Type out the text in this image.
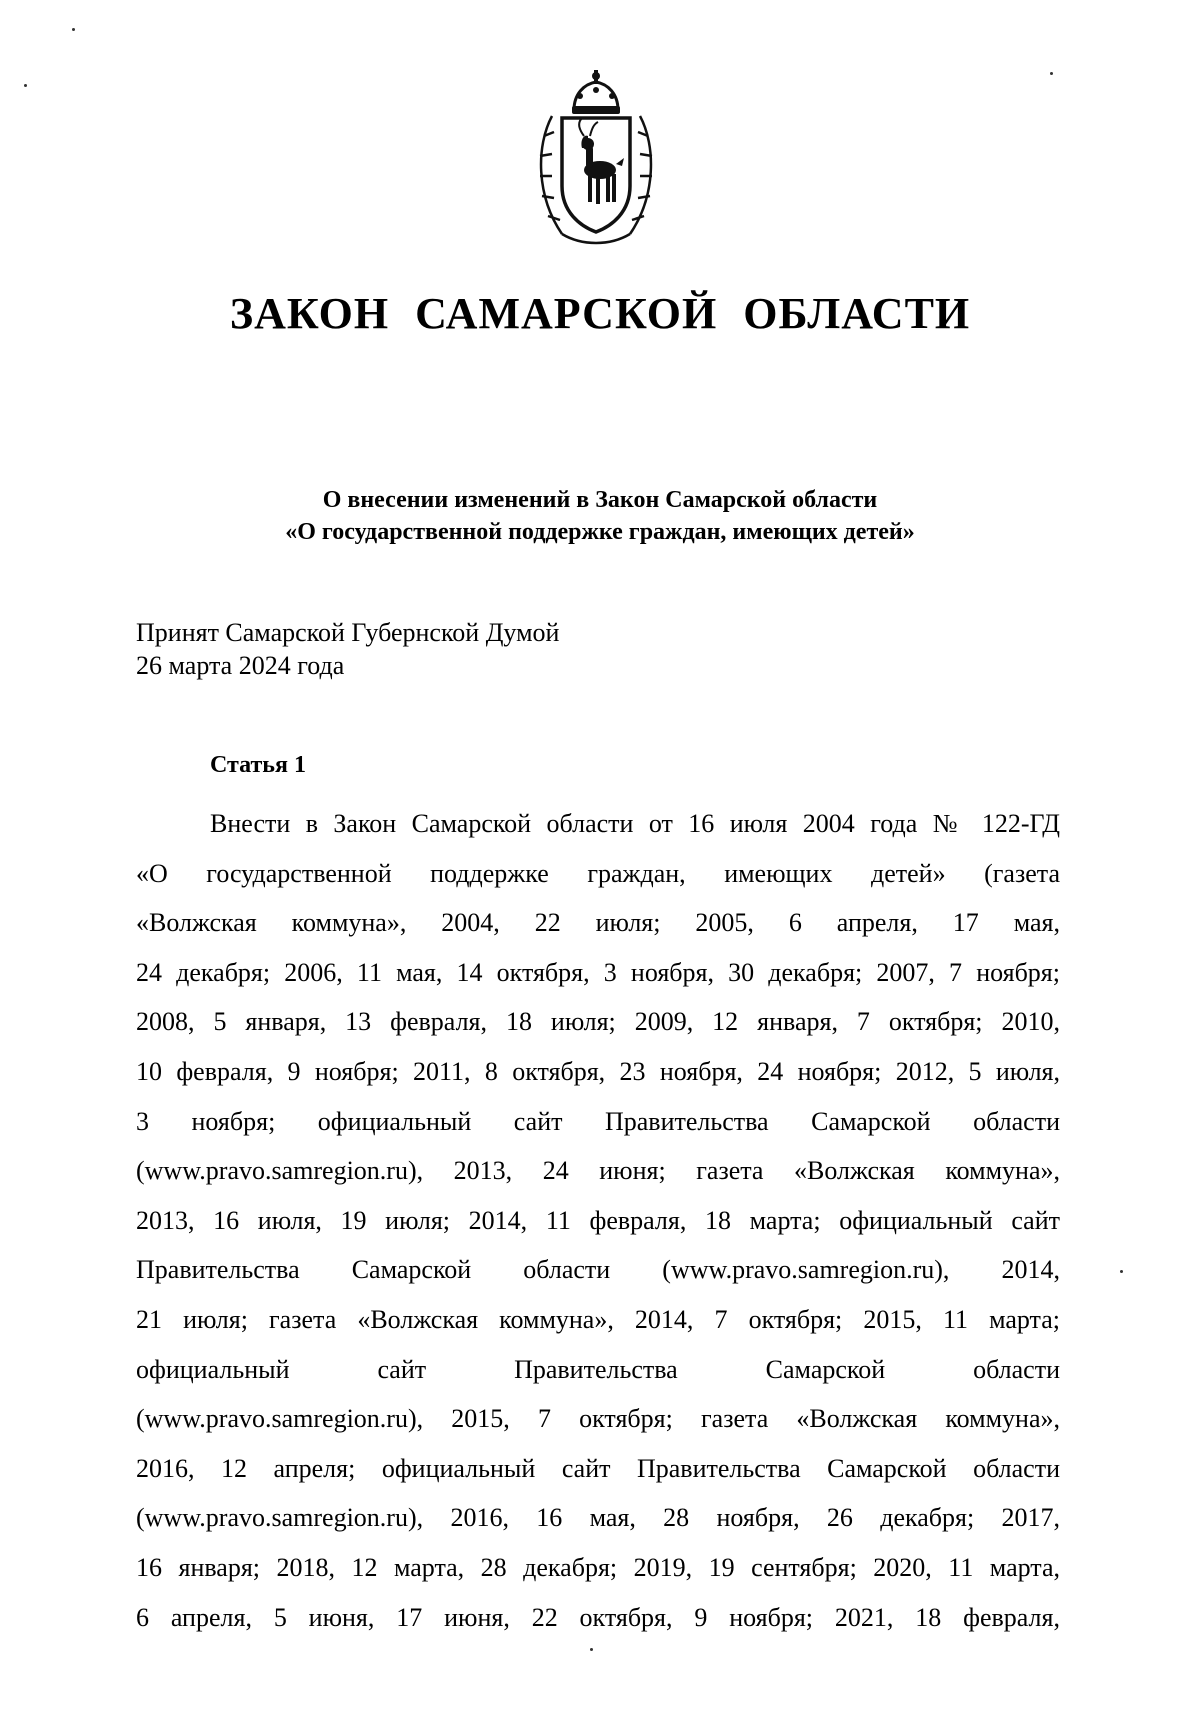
ЗАКОН САМАРСКОЙ ОБЛАСТИ
О внесении изменений в Закон Самарской области
«О государственной поддержке граждан, имеющих детей»
Принят Самарской Губернской Думой
26 марта 2024 года
Статья 1
Внести в Закон Самарской области от 16 июля 2004 года № 122-ГД
«О государственной поддержке граждан, имеющих детей» (газета
«Волжская коммуна», 2004, 22 июля; 2005, 6 апреля, 17 мая,
24 декабря; 2006, 11 мая, 14 октября, 3 ноября, 30 декабря; 2007, 7 ноября;
2008, 5 января, 13 февраля, 18 июля; 2009, 12 января, 7 октября; 2010,
10 февраля, 9 ноября; 2011, 8 октября, 23 ноября, 24 ноября; 2012, 5 июля,
3 ноября; официальный сайт Правительства Самарской области
(www.pravo.samregion.ru), 2013, 24 июня; газета «Волжская коммуна»,
2013, 16 июля, 19 июля; 2014, 11 февраля, 18 марта; официальный сайт
Правительства Самарской области (www.pravo.samregion.ru), 2014,
21 июля; газета «Волжская коммуна», 2014, 7 октября; 2015, 11 марта;
официальный сайт Правительства Самарской области
(www.pravo.samregion.ru), 2015, 7 октября; газета «Волжская коммуна»,
2016, 12 апреля; официальный сайт Правительства Самарской области
(www.pravo.samregion.ru), 2016, 16 мая, 28 ноября, 26 декабря; 2017,
16 января; 2018, 12 марта, 28 декабря; 2019, 19 сентября; 2020, 11 марта,
6 апреля, 5 июня, 17 июня, 22 октября, 9 ноября; 2021, 18 февраля,
